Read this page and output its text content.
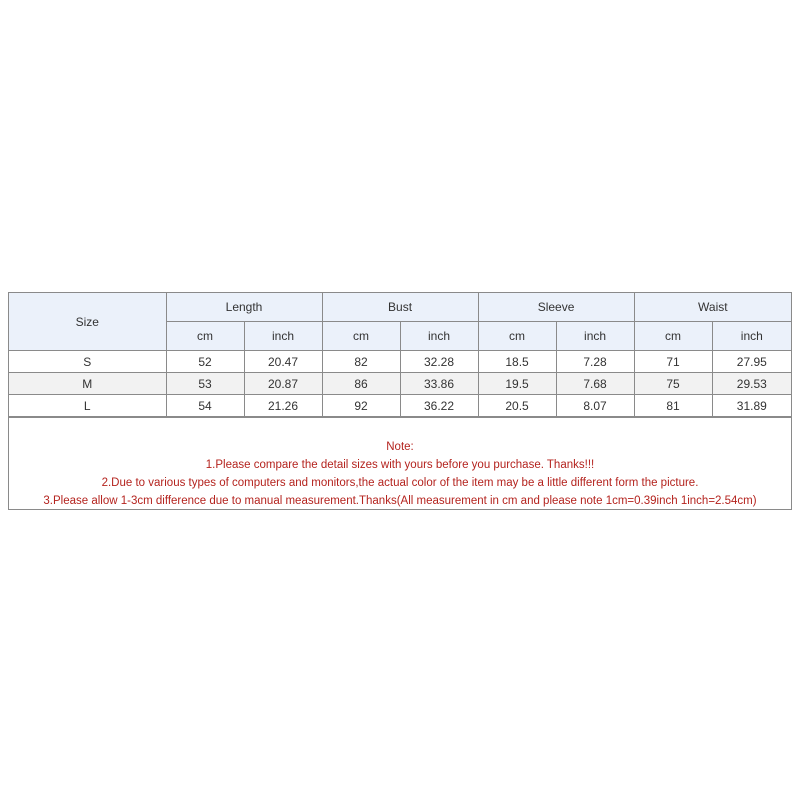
Size	Length		Bust		Sleeve		Waist	
	cm	inch	cm	inch	cm	inch	cm	inch
S	52	20.47	82	32.28	18.5	7.28	71	27.95
M	53	20.87	86	33.86	19.5	7.68	75	29.53
L	54	21.26	92	36.22	20.5	8.07	81	31.89
Note:
1.Please compare the detail sizes with yours before you purchase. Thanks!!!
2.Due to various types of computers and monitors,the actual color of the item may be a little different form the picture.
3.Please allow 1-3cm difference due to manual measurement.Thanks(All measurement in cm and please note 1cm=0.39inch 1inch=2.54cm)
